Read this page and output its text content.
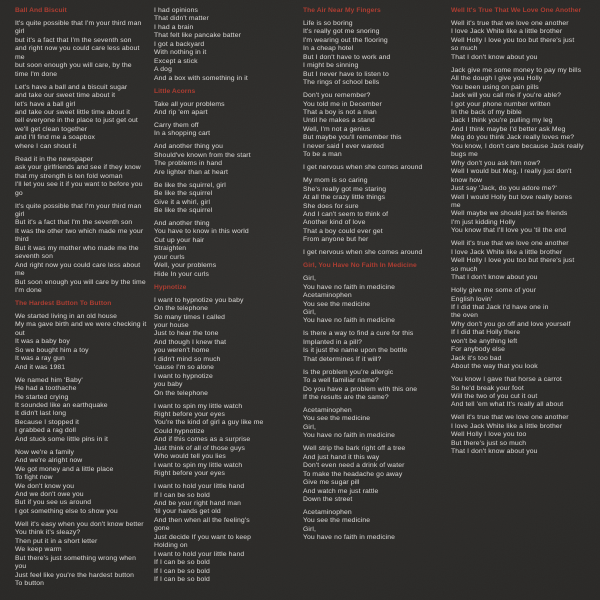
Ball And Biscuit
It's quite possible that I'm your third man
girl
but it's a fact that I'm the seventh son
and right now you could care less about
me
but soon enough you will care, by the
time I'm done
Let's have a ball and a biscuit sugar
and take our sweet time about it
let's have a ball girl
and take our sweet little time about it
tell everyone in the place to just get out
we'll get clean together
and I'll find me a soapbox
where I can shout it
Read it in the newspaper
ask your girlfriends and see if they know
that my strength is ten fold woman
I'll let you see it if you want to before you
go
It's quite possible that I'm your third man
girl
But it's a fact that I'm the seventh son
It was the other two which made me your
third
But it was my mother who made me the
seventh son
And right now you could care less about
me
But soon enough you will care by the time
I'm done
The Hardest Button To Button
We started living in an old house
My ma gave birth and we were checking it
out
It was a baby boy
So we bought him a toy
It was a ray gun
And it was 1981
We named him 'Baby'
He had a toothache
He started crying
It sounded like an earthquake
It didn't last long
Because I stopped it
I grabbed a rag doll
And stuck some little pins in it
Now we're a family
And we're alright now
We got money and a little place
To fight now
We don't know you
And we don't owe you
But if you see us around
I got something else to show you
Well it's easy when you don't know better
You think it's sleazy?
Then put it in a short letter
We keep warm
But there's just something wrong when
you
Just feel like you're the hardest button
To button
I had opinions
That didn't matter
I had a brain
That felt like pancake batter
I got a backyard
With nothing in it
Except a stick
A dog
And a box with something in it
Little Acorns
Take all your problems
And rip 'em apart
Carry them off
In a shopping cart
And another thing you
Should've known from the start
The problems in hand
Are lighter than at heart
Be like the squirrel, girl
Be like the squirrel
Give it a whirl, girl
Be like the squirrel
And another thing
You have to know in this world
Cut up your hair
Straighten
your curls
Well, your problems
Hide In your curls
Hypnotize
I want to hypnotize you baby
On the telephone
So many times I called
your house
Just to hear the tone
And though I knew that
you weren't home
I didn't mind so much
'cause I'm so alone
I want to hypnotize
you baby
On the telephone
I want to spin my little watch
Right before your eyes
You're the kind of girl a guy like me
Could hypnotize
And if this comes as a surprise
Just think of all of those guys
Who would tell you lies
I want to spin my little watch
Right before your eyes
I want to hold your little hand
If I can be so bold
And be your right hand man
'til your hands get old
And then when all the feeling's
gone
Just decide If you want to keep
Holding on
I want to hold your little hand
If I can be so bold
If I can be so bold
If I can be so bold
The Air Near My Fingers
Life is so boring
It's really got me snoring
I'm wearing out the flooring
In a cheap hotel
But I don't have to work and
I might be sinning
But I never have to listen to
The rings of school bells
Don't you remember?
You told me in December
That a boy is not a man
Until he makes a stand
Well, I'm not a genius
But maybe you'll remember this
I never said I ever wanted
To be a man
I get nervous when she comes around
My mom is so caring
She's really got me staring
At all the crazy little things
She does for sure
And I can't seem to think of
Another kind of love
That a boy could ever get
From anyone but her
I get nervous when she comes around
Girl, You Have No Faith In Medicine
Girl,
You have no faith in medicine
Acetaminophen
You see the medicine
Girl,
You have no faith in medicine
Is there a way to find a cure for this
Implanted in a pill?
Is it just the name upon the bottle
That determines If it will?
Is the problem you're allergic
To a well familiar name?
Do you have a problem with this one
If the results are the same?
Acetaminophen
You see the medicine
Girl,
You have no faith in medicine
Well strip the bark right off a tree
And just hand it this way
Don't even need a drink of water
To make the headache go away
Give me sugar pill
And watch me just rattle
Down the street
Acetaminophen
You see the medicine
Girl,
You have no faith in medicine
Well It's True That We Love One Another
Well it's true that we love one another
I love Jack White like a little brother
Well Holly I love you too but there's just
so much
That I don't know about you
Jack give me some money to pay my bills
All the dough I give you Holly
You been using on pain pills
Jack will you call me if you're able?
I got your phone number written
In the back of my bible
Jack I think you're pulling my leg
And I think maybe I'd better ask Meg
Meg do you think Jack really loves me?
You know, I don't care because Jack really
bugs me
Why don't you ask him now?
Well I would but Meg, I really just don't
know how
Just say 'Jack, do you adore me?'
Well I would Holly but love really bores
me
Well maybe we should just be friends
I'm just kidding Holly
You know that I'll love you 'til the end
Well it's true that we love one another
I love Jack White like a little brother
Well Holly I love you too but there's just
so much
That I don't know about you
Holly give me some of your
English lovin'
If I did that Jack I'd have one in
the oven
Why don't you go off and love yourself
If I did that Holly there
won't be anything left
For anybody else
Jack it's too bad
About the way that you look
You know I gave that horse a carrot
So he'd break your foot
Will the two of you cut it out
And tell 'em what It's really all about
Well it's true that we love one another
I love Jack White like a little brother
Well Holly I love you too
But there's just so much
That I don't know about you
